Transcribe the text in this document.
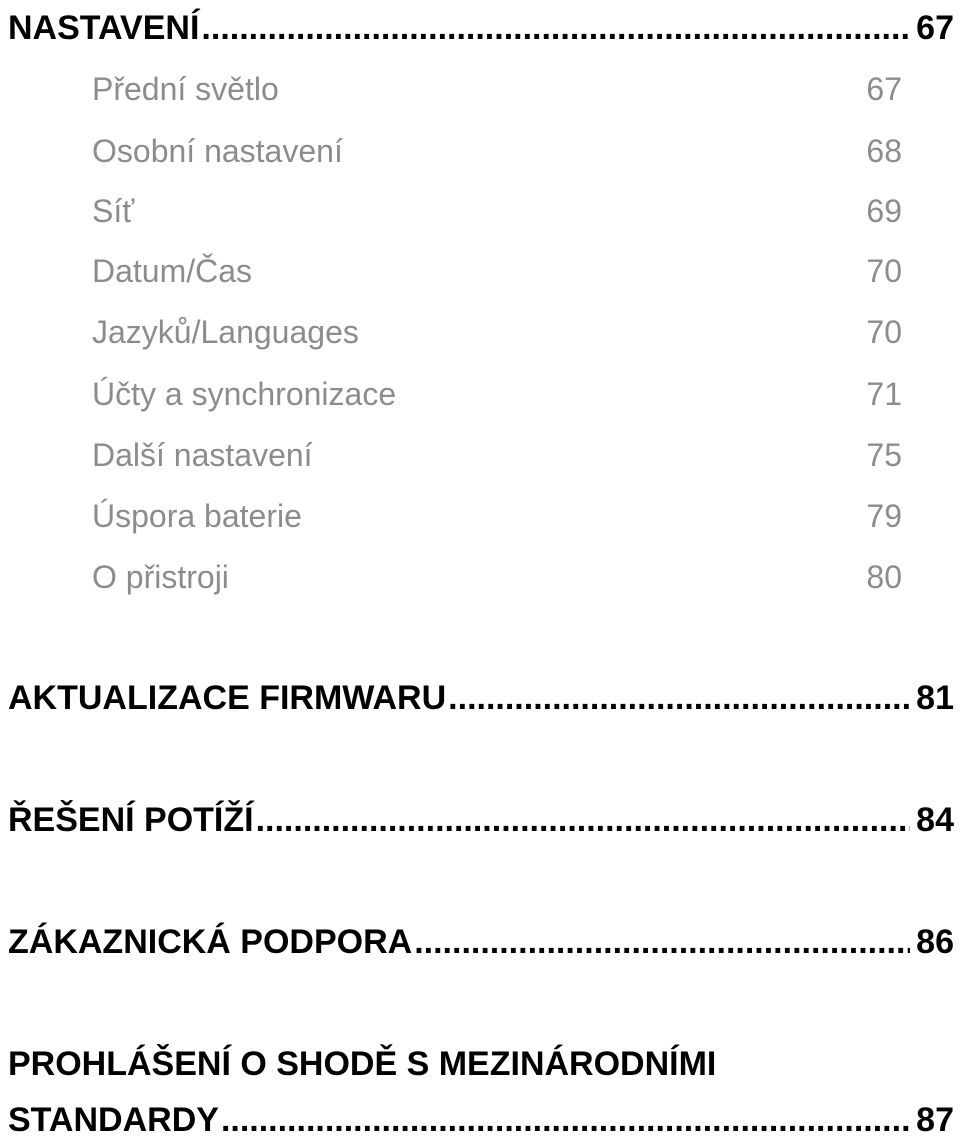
NASTAVENÍ .....	67
Přední světlo	67
Osobní nastavení	68
Síť	69
Datum/Čas	70
Jazyků/Languages	70
Účty a synchronizace	71
Další nastavení	75
Úspora baterie	79
O přistroji	80
AKTUALIZACE FIRMWARU .....	81
ŘEŠENÍ POTÍŽÍ .....	84
ZÁKAZNICKÁ PODPORA .....	86
PROHLÁŠENÍ O SHODĚ S MEZINÁRODNÍMI
STANDARDY .....	87
